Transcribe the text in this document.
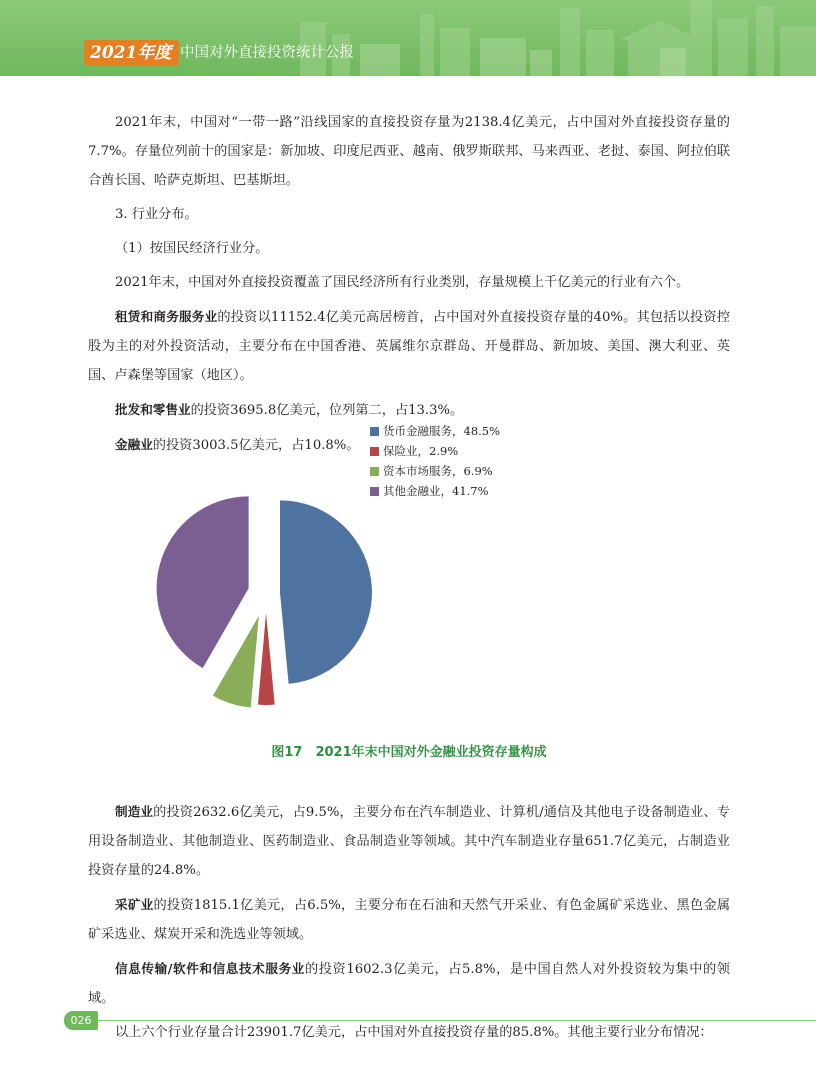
2021年度 中国对外直接投资统计公报

2021年末，中国对“一带一路”沿线国家的直接投资存量为2138.4亿美元，占中国对外直接投资存量的7.7%。存量位列前十的国家是：新加坡、印度尼西亚、越南、俄罗斯联邦、马来西亚、老挝、泰国、阿拉伯联合酋长国、哈萨克斯坦、巴基斯坦。

3. 行业分布。

（1）按国民经济行业分。

2021年末，中国对外直接投资覆盖了国民经济所有行业类别，存量规模上千亿美元的行业有六个。

租赁和商务服务业的投资以11152.4亿美元高居榜首，占中国对外直接投资存量的40%。其包括以投资控股为主的对外投资活动，主要分布在中国香港、英属维尔京群岛、开曼群岛、新加坡、美国、澳大利亚、英国、卢森堡等国家（地区）。

批发和零售业的投资3695.8亿美元，位列第二，占13.3%。

金融业的投资3003.5亿美元，占10.8%。

图17　2021年末中国对外金融业投资存量构成

制造业的投资2632.6亿美元，占9.5%，主要分布在汽车制造业、计算机/通信及其他电子设备制造业、专用设备制造业、其他制造业、医药制造业、食品制造业等领域。其中汽车制造业存量651.7亿美元，占制造业投资存量的24.8%。

采矿业的投资1815.1亿美元，占6.5%，主要分布在石油和天然气开采业、有色金属矿采选业、黑色金属矿采选业、煤炭开采和洗选业等领域。

信息传输/软件和信息技术服务业的投资1602.3亿美元，占5.8%，是中国自然人对外投资较为集中的领域。

以上六个行业存量合计23901.7亿美元，占中国对外直接投资存量的85.8%。其他主要行业分布情况：

货币金融服务，48.5%
保险业，2.9%
资本市场服务，6.9%
其他金融业，41.7%
026
